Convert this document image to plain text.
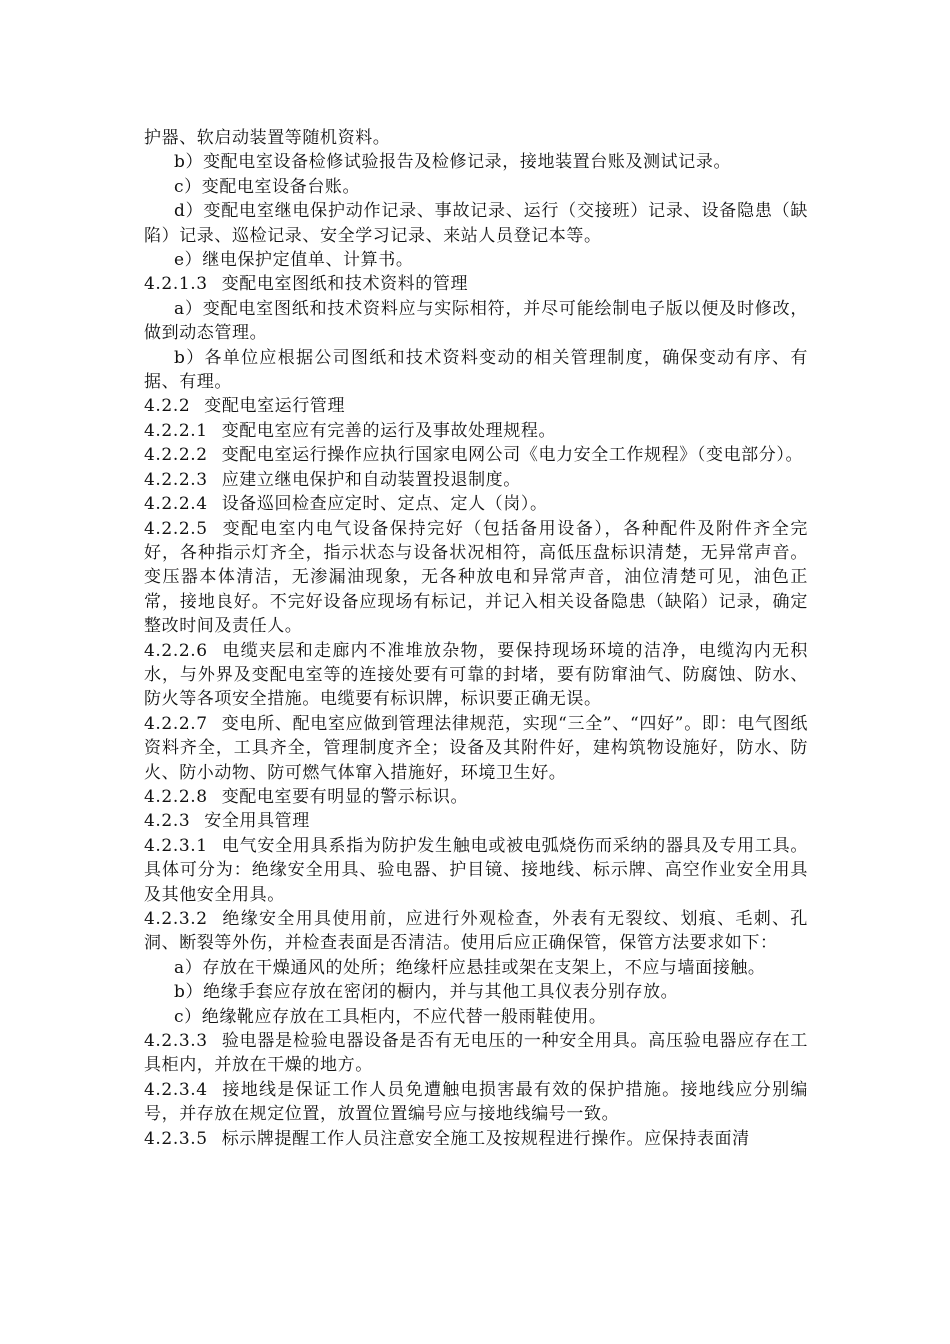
护器、软启动装置等随机资料。
b）变配电室设备检修试验报告及检修记录，接地装置台账及测试记录。
c）变配电室设备台账。
d）变配电室继电保护动作记录、事故记录、运行（交接班）记录、设备隐患（缺陷）记录、巡检记录、安全学习记录、来站人员登记本等。
e）继电保护定值单、计算书。
4.2.1.3 变配电室图纸和技术资料的管理
a）变配电室图纸和技术资料应与实际相符，并尽可能绘制电子版以便及时修改，做到动态管理。
b）各单位应根据公司图纸和技术资料变动的相关管理制度，确保变动有序、有据、有理。
4.2.2 变配电室运行管理
4.2.2.1 变配电室应有完善的运行及事故处理规程。
4.2.2.2 变配电室运行操作应执行国家电网公司《电力安全工作规程》（变电部分）。
4.2.2.3 应建立继电保护和自动装置投退制度。
4.2.2.4 设备巡回检查应定时、定点、定人（岗）。
4.2.2.5 变配电室内电气设备保持完好（包括备用设备），各种配件及附件齐全完好，各种指示灯齐全，指示状态与设备状况相符，高低压盘标识清楚，无异常声音。变压器本体清洁，无渗漏油现象，无各种放电和异常声音，油位清楚可见，油色正常，接地良好。不完好设备应现场有标记，并记入相关设备隐患（缺陷）记录，确定整改时间及责任人。
4.2.2.6 电缆夹层和走廊内不准堆放杂物，要保持现场环境的洁净，电缆沟内无积水，与外界及变配电室等的连接处要有可靠的封堵，要有防窜油气、防腐蚀、防水、防火等各项安全措施。电缆要有标识牌，标识要正确无误。
4.2.2.7 变电所、配电室应做到管理法律规范，实现“三全”、“四好”。即：电气图纸资料齐全，工具齐全，管理制度齐全；设备及其附件好，建构筑物设施好，防水、防火、防小动物、防可燃气体窜入措施好，环境卫生好。
4.2.2.8 变配电室要有明显的警示标识。
4.2.3 安全用具管理
4.2.3.1 电气安全用具系指为防护发生触电或被电弧烧伤而采纳的器具及专用工具。具体可分为：绝缘安全用具、验电器、护目镜、接地线、标示牌、高空作业安全用具及其他安全用具。
4.2.3.2 绝缘安全用具使用前，应进行外观检查，外表有无裂纹、划痕、毛刺、孔洞、断裂等外伤，并检查表面是否清洁。使用后应正确保管，保管方法要求如下：
a）存放在干燥通风的处所；绝缘杆应悬挂或架在支架上，不应与墙面接触。
b）绝缘手套应存放在密闭的橱内，并与其他工具仪表分别存放。
c）绝缘靴应存放在工具柜内，不应代替一般雨鞋使用。
4.2.3.3 验电器是检验电器设备是否有无电压的一种安全用具。高压验电器应存在工具柜内，并放在干燥的地方。
4.2.3.4 接地线是保证工作人员免遭触电损害最有效的保护措施。接地线应分别编号，并存放在规定位置，放置位置编号应与接地线编号一致。
4.2.3.5 标示牌提醒工作人员注意安全施工及按规程进行操作。应保持表面清
